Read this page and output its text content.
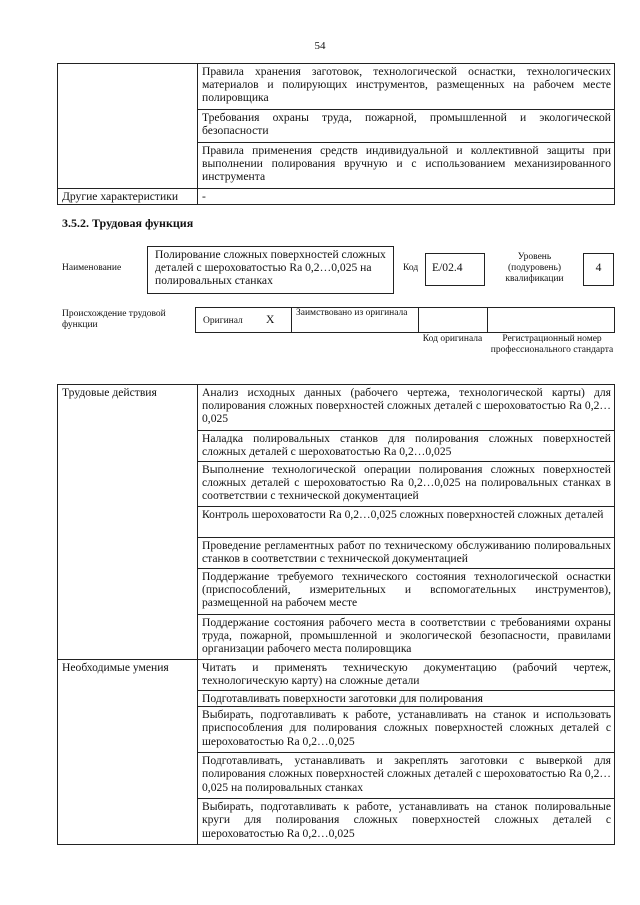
54
	Правила хранения заготовок, технологической оснастки, технологических материалов и полирующих инструментов, размещенных на рабочем месте полировщика
	Требования охраны труда, пожарной, промышленной и экологической безопасности
	Правила применения средств индивидуальной и коллективной защиты при выполнении полирования вручную и с использованием механизированного инструмента
Другие характеристики	-
3.5.2. Трудовая функция
Наименование
Полирование сложных поверхностей сложных деталей с шероховатостью Ra 0,2…0,025 на полировальных станках
Код	E/02.4
Уровень (подуровень) квалификации
4
Происхождение трудовой функции	Оригинал X Заимствовано из оригинала
Код оригинала	Регистрационный номер профессионального стандарта
Трудовые действия	Анализ исходных данных (рабочего чертежа, технологической карты) для полирования сложных поверхностей сложных деталей с шероховатостью Ra 0,2…0,025
	Наладка полировальных станков для полирования сложных поверхностей сложных деталей с шероховатостью Ra 0,2…0,025
	Выполнение технологической операции полирования сложных поверхностей сложных деталей с шероховатостью Ra 0,2…0,025 на полировальных станках в соответствии с технической документацией
	Контроль шероховатости Ra 0,2…0,025 сложных поверхностей сложных деталей
	Проведение регламентных работ по техническому обслуживанию полировальных станков в соответствии с технической документацией
	Поддержание требуемого технического состояния технологической оснастки (приспособлений, измерительных и вспомогательных инструментов), размещенной на рабочем месте
	Поддержание состояния рабочего места в соответствии с требованиями охраны труда, пожарной, промышленной и экологической безопасности, правилами организации рабочего места полировщика
Необходимые умения	Читать и применять техническую документацию (рабочий чертеж, технологическую карту) на сложные детали
	Подготавливать поверхности заготовки для полирования
	Выбирать, подготавливать к работе, устанавливать на станок и использовать приспособления для полирования сложных поверхностей сложных деталей с шероховатостью Ra 0,2…0,025
	Подготавливать, устанавливать и закреплять заготовки с выверкой для полирования сложных поверхностей сложных деталей с шероховатостью Ra 0,2…0,025 на полировальных станках
	Выбирать, подготавливать к работе, устанавливать на станок полировальные круги для полирования сложных поверхностей сложных деталей с шероховатостью Ra 0,2…0,025
